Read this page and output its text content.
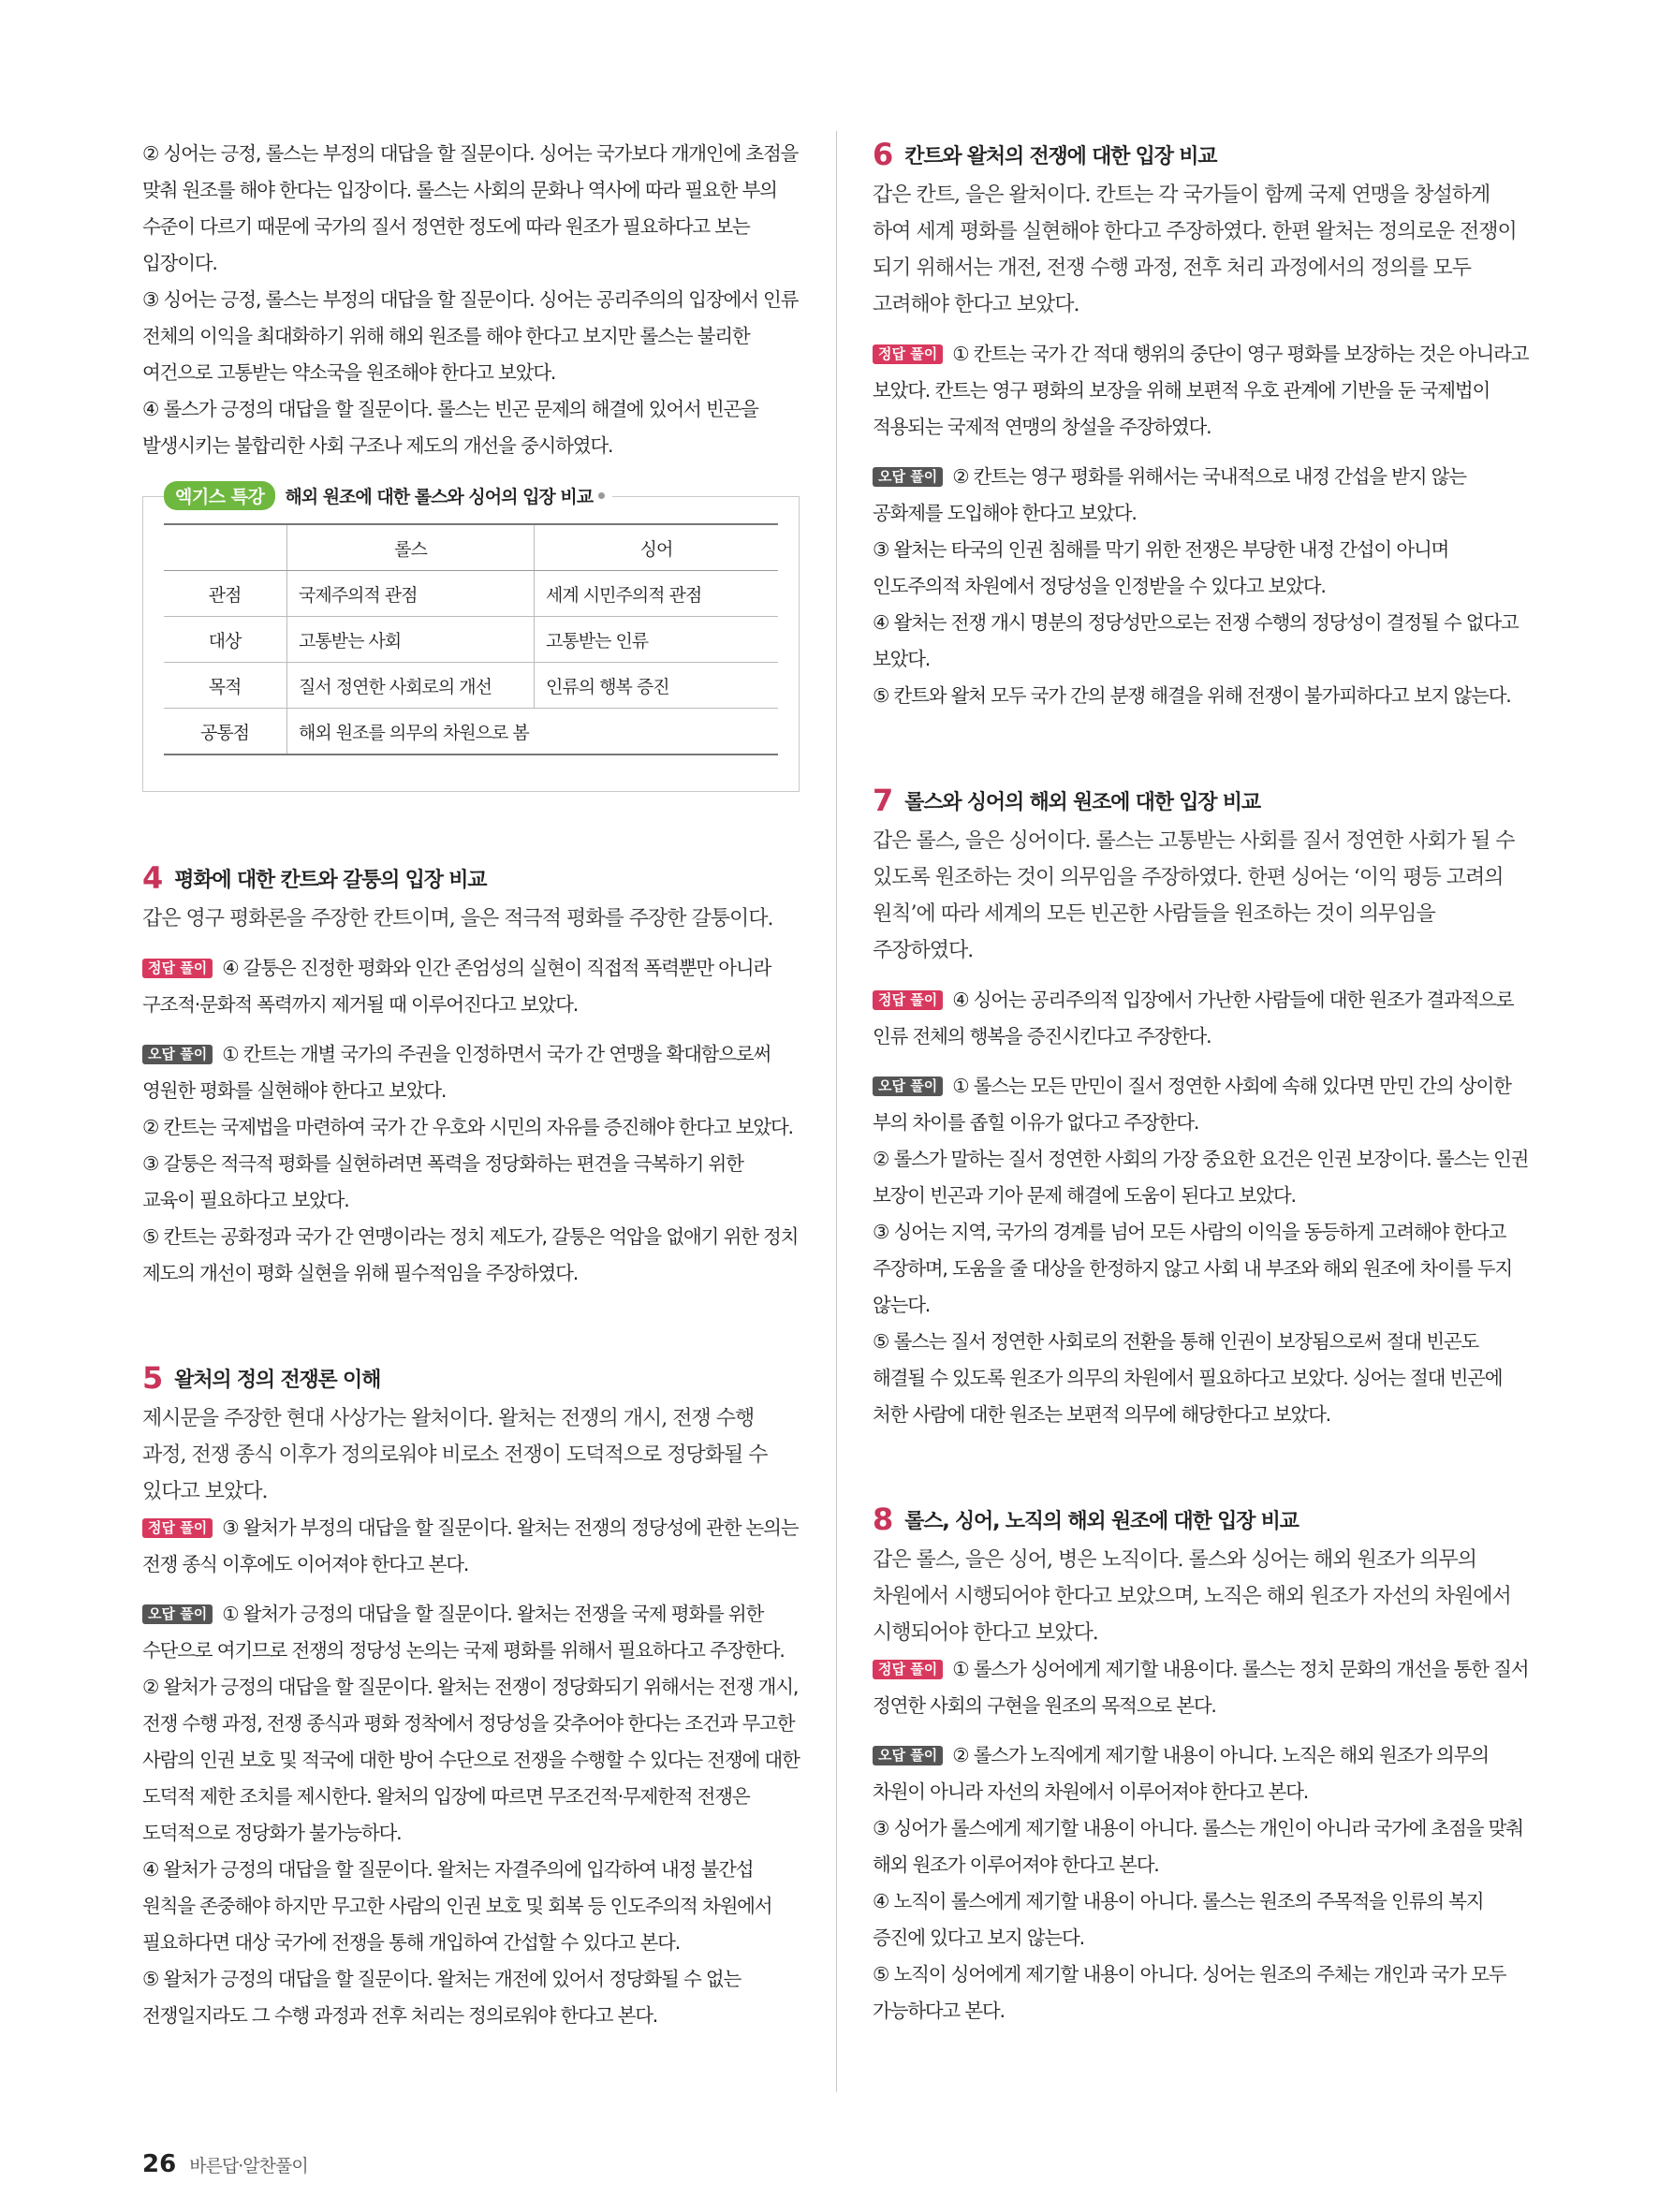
② 싱어는 긍정, 롤스는 부정의 대답을 할 질문이다. 싱어는 국가보다 개개인에 초점을 맞춰 원조를 해야 한다는 입장이다. 롤스는 사회의 문화나 역사에 따라 필요한 부의 수준이 다르기 때문에 국가의 질서 정연한 정도에 따라 원조가 필요하다고 보는 입장이다.

③ 싱어는 긍정, 롤스는 부정의 대답을 할 질문이다. 싱어는 공리주의의 입장에서 인류 전체의 이익을 최대화하기 위해 해외 원조를 해야 한다고 보지만 롤스는 불리한 여건으로 고통받는 약소국을 원조해야 한다고 보았다.

④ 롤스가 긍정의 대답을 할 질문이다. 롤스는 빈곤 문제의 해결에 있어서 빈곤을 발생시키는 불합리한 사회 구조나 제도의 개선을 중시하였다.

엑기스 특강	해외 원조에 대한 롤스와 싱어의 입장 비교
	롤스	싱어
관점	국제주의적 관점	세계 시민주의적 관점
대상	고통받는 사회	고통받는 인류
목적	질서 정연한 사회로의 개선	인류의 행복 증진
공통점	해외 원조를 의무의 차원으로 봄	
4 평화에 대한 칸트와 갈퉁의 입장 비교

갑은 영구 평화론을 주장한 칸트이며, 을은 적극적 평화를 주장한 갈퉁이다.

정답 풀이 ④ 갈퉁은 진정한 평화와 인간 존엄성의 실현이 직접적 폭력뿐만 아니라 구조적·문화적 폭력까지 제거될 때 이루어진다고 보았다.

오답 풀이 ① 칸트는 개별 국가의 주권을 인정하면서 국가 간 연맹을 확대함으로써 영원한 평화를 실현해야 한다고 보았다.

② 칸트는 국제법을 마련하여 국가 간 우호와 시민의 자유를 증진해야 한다고 보았다.

③ 갈퉁은 적극적 평화를 실현하려면 폭력을 정당화하는 편견을 극복하기 위한 교육이 필요하다고 보았다.

⑤ 칸트는 공화정과 국가 간 연맹이라는 정치 제도가, 갈퉁은 억압을 없애기 위한 정치 제도의 개선이 평화 실현을 위해 필수적임을 주장하였다.

5 왈처의 정의 전쟁론 이해

제시문을 주장한 현대 사상가는 왈처이다. 왈처는 전쟁의 개시, 전쟁 수행 과정, 전쟁 종식 이후가 정의로워야 비로소 전쟁이 도덕적으로 정당화될 수 있다고 보았다.

정답 풀이 ③ 왈처가 부정의 대답을 할 질문이다. 왈처는 전쟁의 정당성에 관한 논의는 전쟁 종식 이후에도 이어져야 한다고 본다.

오답 풀이 ① 왈처가 긍정의 대답을 할 질문이다. 왈처는 전쟁을 국제 평화를 위한 수단으로 여기므로 전쟁의 정당성 논의는 국제 평화를 위해서 필요하다고 주장한다.

② 왈처가 긍정의 대답을 할 질문이다. 왈처는 전쟁이 정당화되기 위해서는 전쟁 개시, 전쟁 수행 과정, 전쟁 종식과 평화 정착에서 정당성을 갖추어야 한다는 조건과 무고한 사람의 인권 보호 및 적국에 대한 방어 수단으로 전쟁을 수행할 수 있다는 전쟁에 대한 도덕적 제한 조치를 제시한다. 왈처의 입장에 따르면 무조건적·무제한적 전쟁은 도덕적으로 정당화가 불가능하다.

④ 왈처가 긍정의 대답을 할 질문이다. 왈처는 자결주의에 입각하여 내정 불간섭 원칙을 존중해야 하지만 무고한 사람의 인권 보호 및 회복 등 인도주의적 차원에서 필요하다면 대상 국가에 전쟁을 통해 개입하여 간섭할 수 있다고 본다.

⑤ 왈처가 긍정의 대답을 할 질문이다. 왈처는 개전에 있어서 정당화될 수 없는 전쟁일지라도 그 수행 과정과 전후 처리는 정의로워야 한다고 본다.

6 칸트와 왈처의 전쟁에 대한 입장 비교

갑은 칸트, 을은 왈처이다. 칸트는 각 국가들이 함께 국제 연맹을 창설하게 하여 세계 평화를 실현해야 한다고 주장하였다. 한편 왈처는 정의로운 전쟁이 되기 위해서는 개전, 전쟁 수행 과정, 전후 처리 과정에서의 정의를 모두 고려해야 한다고 보았다.

정답 풀이 ① 칸트는 국가 간 적대 행위의 중단이 영구 평화를 보장하는 것은 아니라고 보았다. 칸트는 영구 평화의 보장을 위해 보편적 우호 관계에 기반을 둔 국제법이 적용되는 국제적 연맹의 창설을 주장하였다.

오답 풀이 ② 칸트는 영구 평화를 위해서는 국내적으로 내정 간섭을 받지 않는 공화제를 도입해야 한다고 보았다.

③ 왈처는 타국의 인권 침해를 막기 위한 전쟁은 부당한 내정 간섭이 아니며 인도주의적 차원에서 정당성을 인정받을 수 있다고 보았다.

④ 왈처는 전쟁 개시 명분의 정당성만으로는 전쟁 수행의 정당성이 결정될 수 없다고 보았다.

⑤ 칸트와 왈처 모두 국가 간의 분쟁 해결을 위해 전쟁이 불가피하다고 보지 않는다.

7 롤스와 싱어의 해외 원조에 대한 입장 비교

갑은 롤스, 을은 싱어이다. 롤스는 고통받는 사회를 질서 정연한 사회가 될 수 있도록 원조하는 것이 의무임을 주장하였다. 한편 싱어는 ‘이익 평등 고려의 원칙’에 따라 세계의 모든 빈곤한 사람들을 원조하는 것이 의무임을 주장하였다.

정답 풀이 ④ 싱어는 공리주의적 입장에서 가난한 사람들에 대한 원조가 결과적으로 인류 전체의 행복을 증진시킨다고 주장한다.

오답 풀이 ① 롤스는 모든 만민이 질서 정연한 사회에 속해 있다면 만민 간의 상이한 부의 차이를 좁힐 이유가 없다고 주장한다.

② 롤스가 말하는 질서 정연한 사회의 가장 중요한 요건은 인권 보장이다. 롤스는 인권 보장이 빈곤과 기아 문제 해결에 도움이 된다고 보았다.

③ 싱어는 지역, 국가의 경계를 넘어 모든 사람의 이익을 동등하게 고려해야 한다고 주장하며, 도움을 줄 대상을 한정하지 않고 사회 내 부조와 해외 원조에 차이를 두지 않는다.

⑤ 롤스는 질서 정연한 사회로의 전환을 통해 인권이 보장됨으로써 절대 빈곤도 해결될 수 있도록 원조가 의무의 차원에서 필요하다고 보았다. 싱어는 절대 빈곤에 처한 사람에 대한 원조는 보편적 의무에 해당한다고 보았다.

8 롤스, 싱어, 노직의 해외 원조에 대한 입장 비교

갑은 롤스, 을은 싱어, 병은 노직이다. 롤스와 싱어는 해외 원조가 의무의 차원에서 시행되어야 한다고 보았으며, 노직은 해외 원조가 자선의 차원에서 시행되어야 한다고 보았다.

정답 풀이 ① 롤스가 싱어에게 제기할 내용이다. 롤스는 정치 문화의 개선을 통한 질서 정연한 사회의 구현을 원조의 목적으로 본다.

오답 풀이 ② 롤스가 노직에게 제기할 내용이 아니다. 노직은 해외 원조가 의무의 차원이 아니라 자선의 차원에서 이루어져야 한다고 본다.

③ 싱어가 롤스에게 제기할 내용이 아니다. 롤스는 개인이 아니라 국가에 초점을 맞춰 해외 원조가 이루어져야 한다고 본다.

④ 노직이 롤스에게 제기할 내용이 아니다. 롤스는 원조의 주목적을 인류의 복지 증진에 있다고 보지 않는다.

⑤ 노직이 싱어에게 제기할 내용이 아니다. 싱어는 원조의 주체는 개인과 국가 모두 가능하다고 본다.

26 바른답·알찬풀이
